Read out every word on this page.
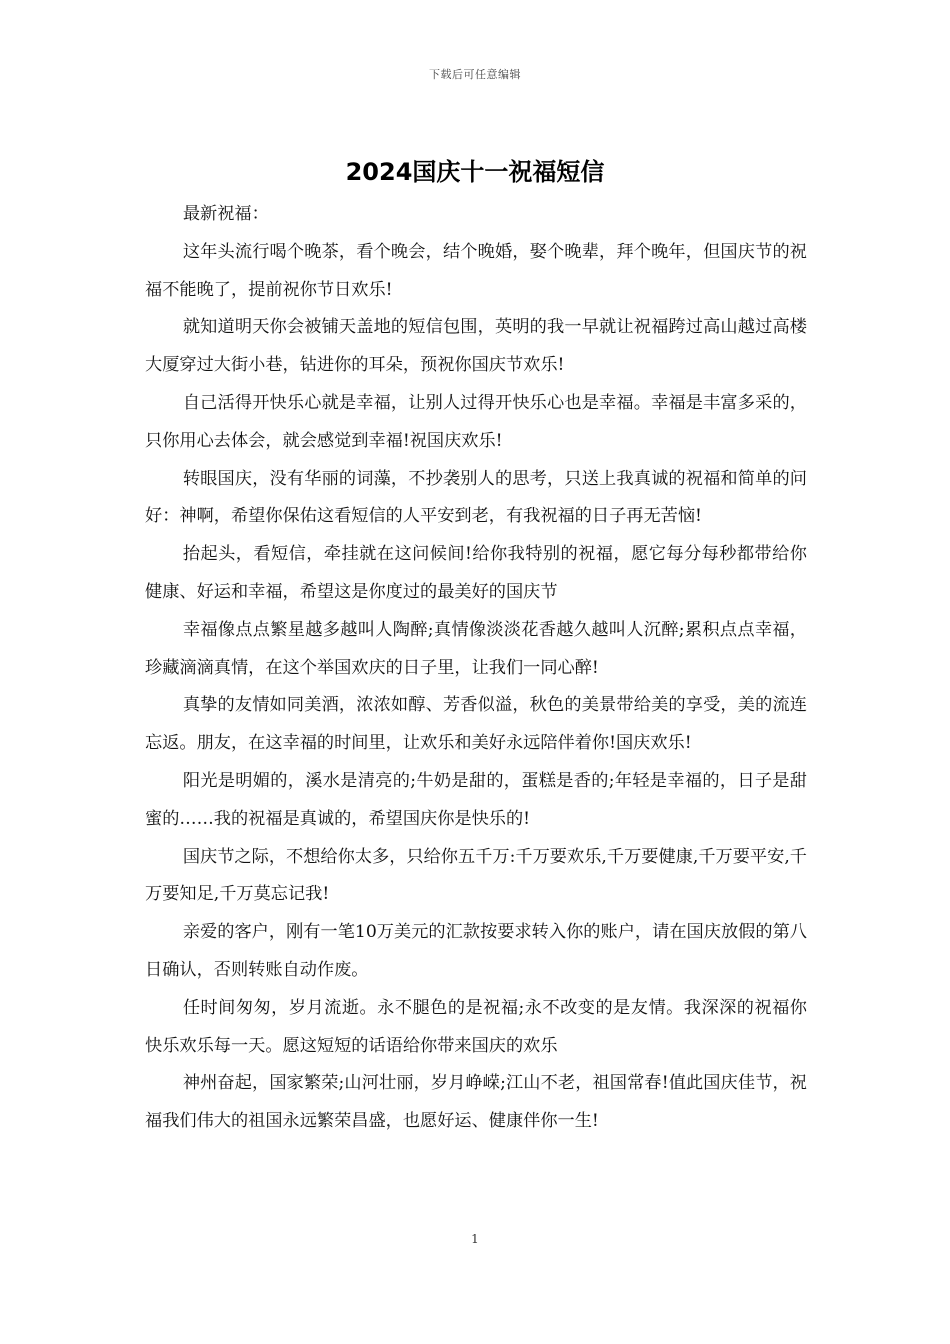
下载后可任意编辑
2024国庆十一祝福短信

最新祝福：

这年头流行喝个晚茶，看个晚会，结个晚婚，娶个晚辈，拜个晚年，但国庆节的祝福不能晚了，提前祝你节日欢乐!

就知道明天你会被铺天盖地的短信包围，英明的我一早就让祝福跨过高山越过高楼大厦穿过大街小巷，钻进你的耳朵，预祝你国庆节欢乐!

自己活得开快乐心就是幸福，让别人过得开快乐心也是幸福。幸福是丰富多采的，只你用心去体会，就会感觉到幸福!祝国庆欢乐!

转眼国庆，没有华丽的词藻，不抄袭别人的思考，只送上我真诚的祝福和简单的问好：神啊，希望你保佑这看短信的人平安到老，有我祝福的日子再无苦恼!

抬起头，看短信，牵挂就在这问候间!给你我特别的祝福，愿它每分每秒都带给你健康、好运和幸福，希望这是你度过的最美好的国庆节

幸福像点点繁星越多越叫人陶醉;真情像淡淡花香越久越叫人沉醉;累积点点幸福，珍藏滴滴真情，在这个举国欢庆的日子里，让我们一同心醉!

真挚的友情如同美酒，浓浓如醇、芳香似溢，秋色的美景带给美的享受，美的流连忘返。朋友，在这幸福的时间里，让欢乐和美好永远陪伴着你!国庆欢乐!

阳光是明媚的，溪水是清亮的;牛奶是甜的，蛋糕是香的;年轻是幸福的，日子是甜蜜的……我的祝福是真诚的，希望国庆你是快乐的!

国庆节之际，不想给你太多，只给你五千万:千万要欢乐,千万要健康,千万要平安,千万要知足,千万莫忘记我!

亲爱的客户，刚有一笔10万美元的汇款按要求转入你的账户，请在国庆放假的第八日确认，否则转账自动作废。

任时间匆匆，岁月流逝。永不腿色的是祝福;永不改变的是友情。我深深的祝福你快乐欢乐每一天。愿这短短的话语给你带来国庆的欢乐

神州奋起，国家繁荣;山河壮丽，岁月峥嵘;江山不老，祖国常春!值此国庆佳节，祝福我们伟大的祖国永远繁荣昌盛，也愿好运、健康伴你一生!

1
